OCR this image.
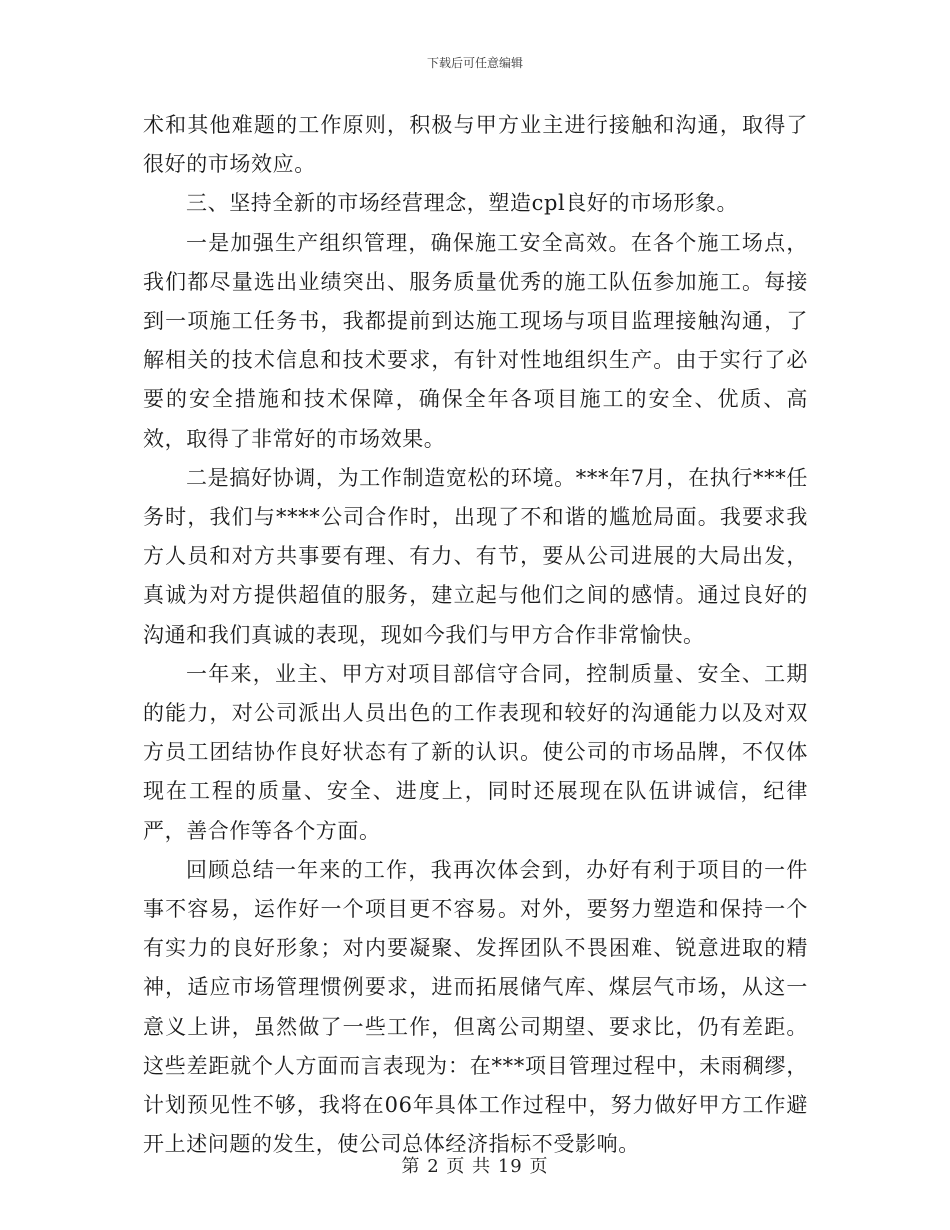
下载后可任意编辑

术和其他难题的工作原则，积极与甲方业主进行接触和沟通，取得了很好的市场效应。

三、坚持全新的市场经营理念，塑造cpl良好的市场形象。

一是加强生产组织管理，确保施工安全高效。在各个施工场点，我们都尽量选出业绩突出、服务质量优秀的施工队伍参加施工。每接到一项施工任务书，我都提前到达施工现场与项目监理接触沟通，了解相关的技术信息和技术要求，有针对性地组织生产。由于实行了必要的安全措施和技术保障，确保全年各项目施工的安全、优质、高效，取得了非常好的市场效果。

二是搞好协调，为工作制造宽松的环境。***年7月，在执行***任务时，我们与****公司合作时，出现了不和谐的尴尬局面。我要求我方人员和对方共事要有理、有力、有节，要从公司进展的大局出发，真诚为对方提供超值的服务，建立起与他们之间的感情。通过良好的沟通和我们真诚的表现，现如今我们与甲方合作非常愉快。

一年来，业主、甲方对项目部信守合同，控制质量、安全、工期的能力，对公司派出人员出色的工作表现和较好的沟通能力以及对双方员工团结协作良好状态有了新的认识。使公司的市场品牌，不仅体现在工程的质量、安全、进度上，同时还展现在队伍讲诚信，纪律严，善合作等各个方面。

回顾总结一年来的工作，我再次体会到，办好有利于项目的一件事不容易，运作好一个项目更不容易。对外，要努力塑造和保持一个有实力的良好形象；对内要凝聚、发挥团队不畏困难、锐意进取的精神，适应市场管理惯例要求，进而拓展储气库、煤层气市场，从这一意义上讲，虽然做了一些工作，但离公司期望、要求比，仍有差距。这些差距就个人方面而言表现为：在***项目管理过程中，未雨稠缪，计划预见性不够，我将在06年具体工作过程中，努力做好甲方工作避开上述问题的发生，使公司总体经济指标不受影响。

第 2 页 共 19 页
